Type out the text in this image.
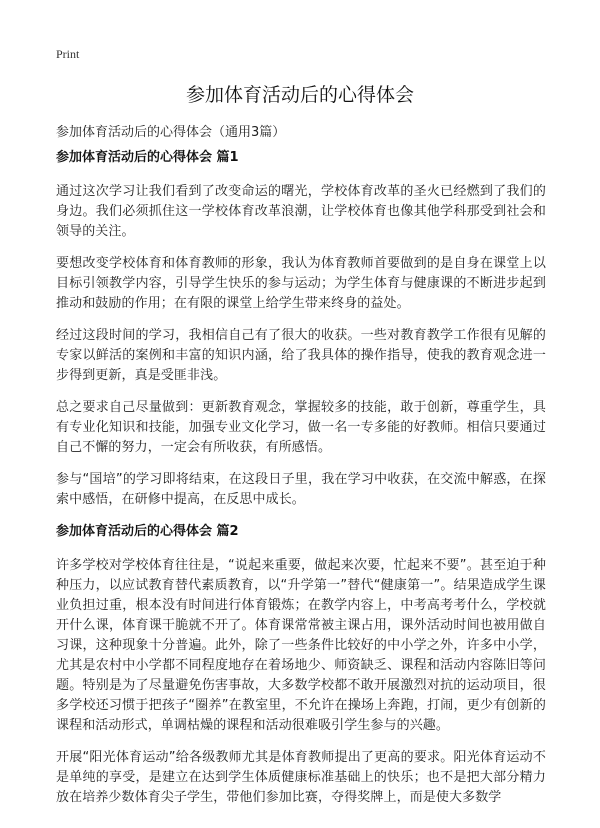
Print
参加体育活动后的心得体会
参加体育活动后的心得体会（通用3篇）
参加体育活动后的心得体会 篇1

通过这次学习让我们看到了改变命运的曙光，学校体育改革的圣火已经燃到了我们的身边。我们必须抓住这一学校体育改革浪潮，让学校体育也像其他学科那受到社会和领导的关注。

要想改变学校体育和体育教师的形象，我认为体育教师首要做到的是自身在课堂上以目标引领教学内容，引导学生快乐的参与运动；为学生体育与健康课的不断进步起到推动和鼓励的作用；在有限的课堂上给学生带来终身的益处。

经过这段时间的学习，我相信自己有了很大的收获。一些对教育教学工作很有见解的专家以鲜活的案例和丰富的知识内涵，给了我具体的操作指导，使我的教育观念进一步得到更新，真是受匪非浅。

总之要求自己尽量做到：更新教育观念，掌握较多的技能，敢于创新，尊重学生，具有专业化知识和技能，加强专业文化学习，做一名一专多能的好教师。相信只要通过自己不懈的努力，一定会有所收获，有所感悟。

参与“国培”的学习即将结束，在这段日子里，我在学习中收获，在交流中解惑，在探索中感悟，在研修中提高，在反思中成长。

参加体育活动后的心得体会 篇2

许多学校对学校体育往往是，“说起来重要，做起来次要，忙起来不要”。甚至迫于种种压力，以应试教育替代素质教育，以“升学第一”替代“健康第一”。结果造成学生课业负担过重，根本没有时间进行体育锻炼；在教学内容上，中考高考考什么，学校就开什么课，体育课干脆就不开了。体育课常常被主课占用，课外活动时间也被用做自习课，这种现象十分普遍。此外，除了一些条件比较好的中小学之外，许多中小学，尤其是农村中小学都不同程度地存在着场地少、师资缺乏、课程和活动内容陈旧等问题。特别是为了尽量避免伤害事故，大多数学校都不敢开展激烈对抗的运动项目，很多学校还习惯于把孩子“圈养”在教室里，不允许在操场上奔跑，打闹，更少有创新的课程和活动形式，单调枯燥的课程和活动很难吸引学生参与的兴趣。

开展“阳光体育运动”给各级教师尤其是体育教师提出了更高的要求。阳光体育运动不是单纯的享受，是建立在达到学生体质健康标准基础上的快乐；也不是把大部分精力放在培养少数体育尖子学生，带他们参加比赛，夺得奖牌上，而是使大多数学
